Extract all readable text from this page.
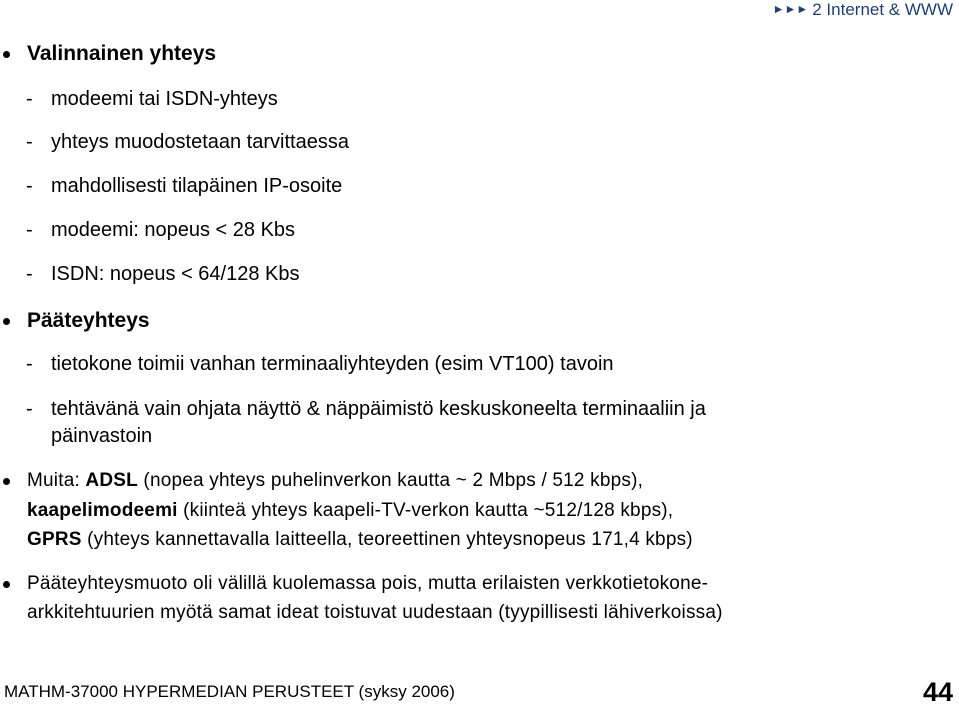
►►► 2 Internet & WWW
Valinnainen yhteys
- modeemi tai ISDN-yhteys
- yhteys muodostetaan tarvittaessa
- mahdollisesti tilapäinen IP-osoite
- modeemi: nopeus < 28 Kbs
- ISDN: nopeus < 64/128 Kbs
Pääteyhteys
- tietokone toimii vanhan terminaaliyhteyden (esim VT100) tavoin
- tehtävänä vain ohjata näyttö & näppäimistö keskuskoneelta terminaaliin ja
päinvastoin
Muita: ADSL (nopea yhteys puhelinverkon kautta ~ 2 Mbps / 512 kbps),
kaapelimodeemi (kiinteä yhteys kaapeli-TV-verkon kautta ~512/128 kbps),
GPRS (yhteys kannettavalla laitteella, teoreettinen yhteysnopeus 171,4 kbps)
Pääteyhteysmuoto oli välillä kuolemassa pois, mutta erilaisten verkkotietokone-
arkkitehtuurien myötä samat ideat toistuvat uudestaan (tyypillisesti lähiverkoissa)
MATHM-37000 HYPERMEDIAN PERUSTEET (syksy 2006)	44
